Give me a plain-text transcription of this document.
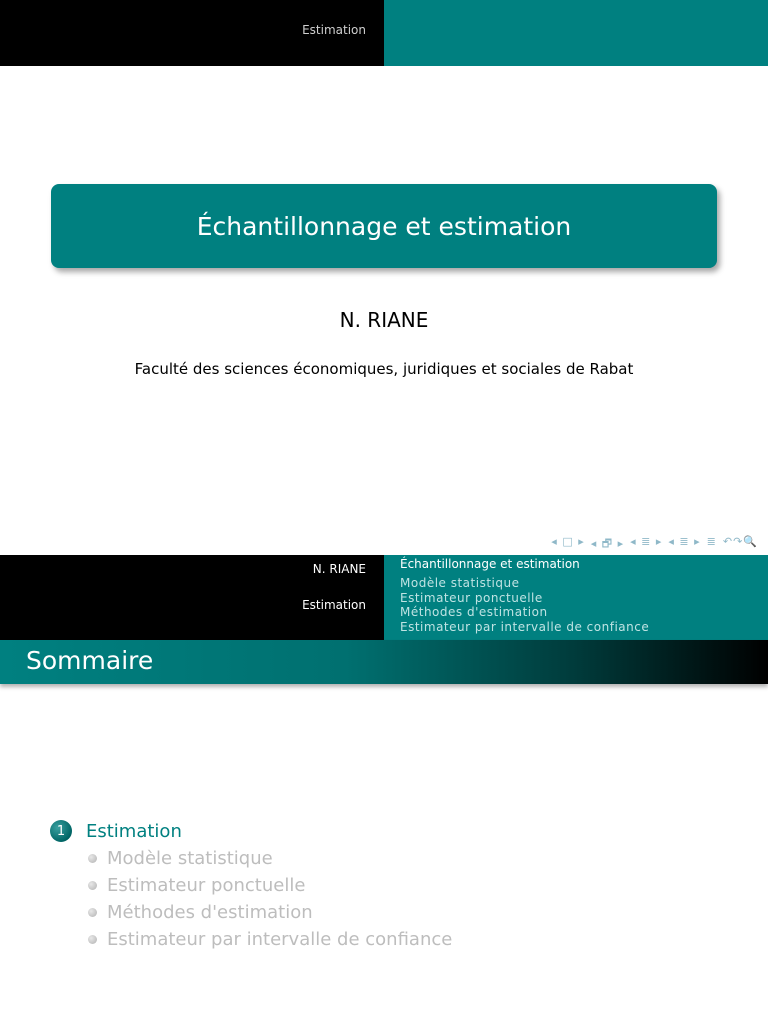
Estimation
Échantillonnage et estimation
N. RIANE
Faculté des sciences économiques, juridiques et sociales de Rabat
◂ □ ▸ ◂ 🗗 ▸ ◂ ≣ ▸ ◂ ≣ ▸ ≣ ↶↷🔍
N. RIANE
Estimation
Échantillonnage et estimation
Modèle statistique
Estimateur ponctuelle
Méthodes d'estimation
Estimateur par intervalle de confiance
Sommaire
1	Estimation
Modèle statistique
Estimateur ponctuelle
Méthodes d'estimation
Estimateur par intervalle de confiance
